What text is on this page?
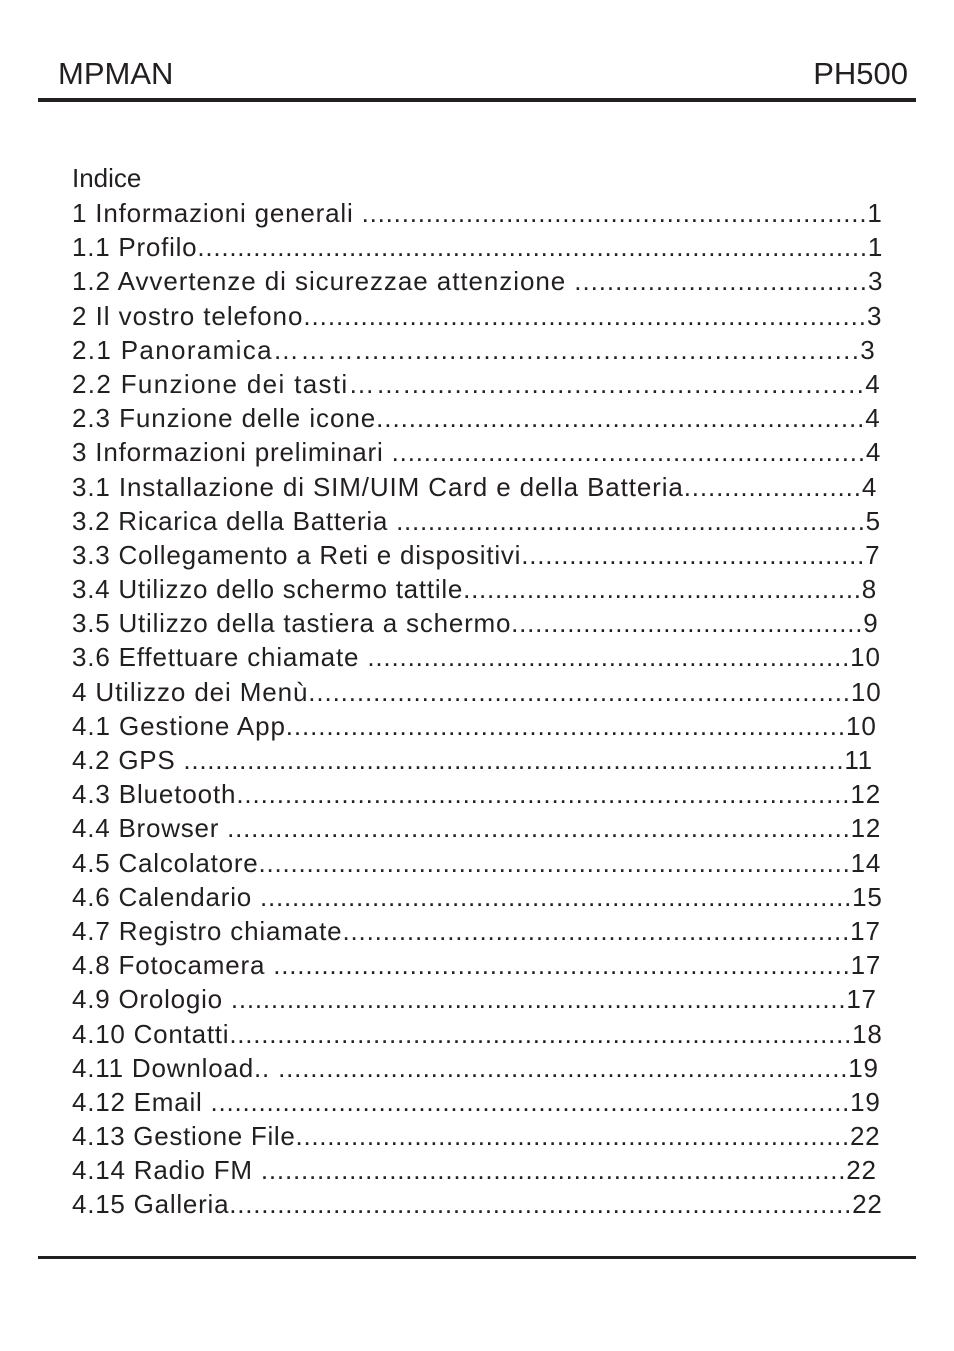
MPMAN	PH500
Indice
1 Informazioni generali ...............................................................1
1.1 Profilo....................................................................................1
1.2 Avvertenze di sicurezzae attenzione ....................................3
2 Il vostro telefono.....................................................................3
2.1 Panoramica………...........................................................3
2.2 Funzione dei tasti……......................................................4
2.3 Funzione delle icone............................................................4
3 Informazioni preliminari ...........................................................4
3.1 Installazione di SIM/UIM Card e della Batteria......................4
3.2 Ricarica della Batteria ...........................................................5
3.3 Collegamento a Reti e dispositivi...........................................7
3.4 Utilizzo dello schermo tattile..................................................8
3.5 Utilizzo della tastiera a schermo............................................9
3.6 Effettuare chiamate ............................................................10
4 Utilizzo dei Menù...................................................................10
4.1 Gestione App.....................................................................10
4.2 GPS ...................................................................................11
4.3 Bluetooth............................................................................12
4.4 Browser ..............................................................................12
4.5 Calcolatore..........................................................................14
4.6 Calendario ..........................................................................15
4.7 Registro chiamate...............................................................17
4.8 Fotocamera ........................................................................17
4.9 Orologio .............................................................................17
4.10 Contatti..............................................................................18
4.11 Download.. .......................................................................19
4.12 Email ................................................................................19
4.13 Gestione File......................................................................22
4.14 Radio FM .........................................................................22
4.15 Galleria..............................................................................22
